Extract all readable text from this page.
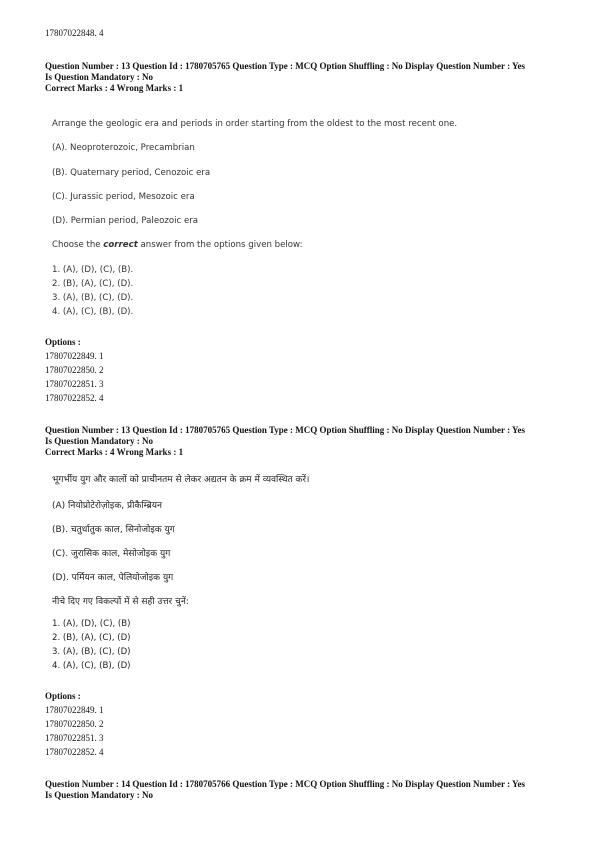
17807022848. 4
Question Number : 13 Question Id : 1780705765 Question Type : MCQ Option Shuffling : No Display Question Number : Yes
Is Question Mandatory : No
Correct Marks : 4 Wrong Marks : 1
Arrange the geologic era and periods in order starting from the oldest to the most recent one.
(A). Neoproterozoic, Precambrian
(B). Quaternary period, Cenozoic era
(C). Jurassic period, Mesozoic era
(D). Permian period, Paleozoic era
Choose the correct answer from the options given below:
1. (A), (D), (C), (B).
2. (B), (A), (C), (D).
3. (A), (B), (C), (D).
4. (A), (C), (B), (D).
Options :
17807022849. 1
17807022850. 2
17807022851. 3
17807022852. 4
Question Number : 13 Question Id : 1780705765 Question Type : MCQ Option Shuffling : No Display Question Number : Yes
Is Question Mandatory : No
Correct Marks : 4 Wrong Marks : 1
भूगर्भीय युग और कालों को प्राचीनतम से लेकर अद्यतन के क्रम में व्यवस्थित करें।
(A) नियोप्रोटेरोज़ोइक, प्रीकैम्ब्रियन
(B). चतुर्धातुक काल, सिनोजोइक युग
(C). जुरासिक काल, मेसोजोइक युग
(D). पर्मियन काल, पेलियोजोइक युग
नीचे दिए गए विकल्पों में से सही उत्तर चुनें:
1. (A), (D), (C), (B)
2. (B), (A), (C), (D)
3. (A), (B), (C), (D)
4. (A), (C), (B), (D)
Options :
17807022849. 1
17807022850. 2
17807022851. 3
17807022852. 4
Question Number : 14 Question Id : 1780705766 Question Type : MCQ Option Shuffling : No Display Question Number : Yes
Is Question Mandatory : No
